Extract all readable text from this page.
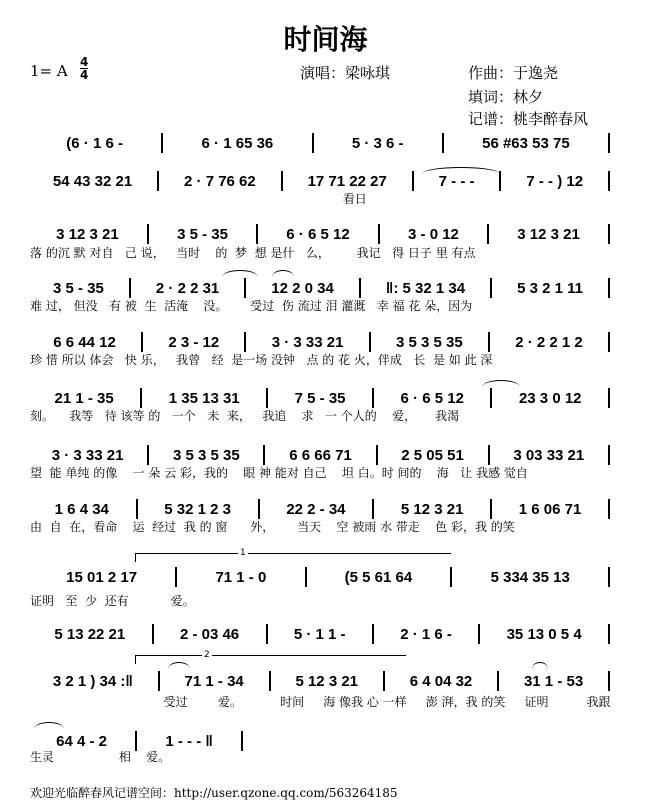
时间海
1= A 4
4	演唱：梁咏琪	作曲：于逸尧
填词：林夕
记谱：桃李醉春风
(6 · 1 6 -	6 · 1 65 36	5 · 3 6 -	56 #63 53 75
54 43 32 21	2 · 7 76 62	17 71 22 27	7 - - -	7 - - ) 12
看日
3 12 3 21	3 5 - 35	6 · 6 5 12	3 - 0 12	3 12 3 21
落 的沉 默 对自   己 说，   当时    的  梦  想 是什   么，       我记   得 日子 里 有点
3 5 - 35	2 · 2 2 31	12 2 0 34	‖: 5 32 1 34	5 3 2 1 11
难 过， 但没   有 被  生  活淹    没。      受过  伤 流过 泪 灌溉   幸 福 花 朵，因为
6 6 44 12	2 3 - 12	3 · 3 33 21	3 5 3 5 35	2 · 2 2 1 2
珍 惜 所以 体会   快 乐，   我曾   经  是一场 没钟   点 的 花 火，伴成   长  是 如 此 深
21 1 - 35	1 35 13 31	7 5 - 35	6 · 6 5 12	23 3 0 12
刻。    我等   待 该等 的   一个   未  来，   我追    求   一 个人的    爱，     我渴
3 · 3 33 21	3 5 3 5 35	6 6 66 71	2 5 05 51	3 03 33 21
望  能 单纯 的像    一 朵 云 彩，我的    眼 神 能对 自己    坦 白。时 间的    海   让 我感 觉自
1 6 4 34	5 32 1 2 3	22 2 - 34	5 12 3 21	1 6 06 71
由  自  在，看命    运  经过  我 的 窗      外，      当天    空 被雨 水 带走    色 彩，我 的笑
15 01 2 17	71 1 - 0	(5 5 61 64	5 334 35 13
证明   至  少  还有           爱。
5 13 22 21	2 - 03 46	5 · 1 1 -	2 · 1 6 -	35 13 0 5 4
3 2 1 ) 34 :‖	71 1 - 34	5 12 3 21	6 4 04 32	31 1 - 53
受过        爱。          时间     海 像我 心 一样     澎 湃，我 的笑     证明          我跟
64 4 - 2	1 - - - ‖
生灵                 相    爱。
1
2
欢迎光临醉春风记谱空间：http://user.qzone.qq.com/563264185
